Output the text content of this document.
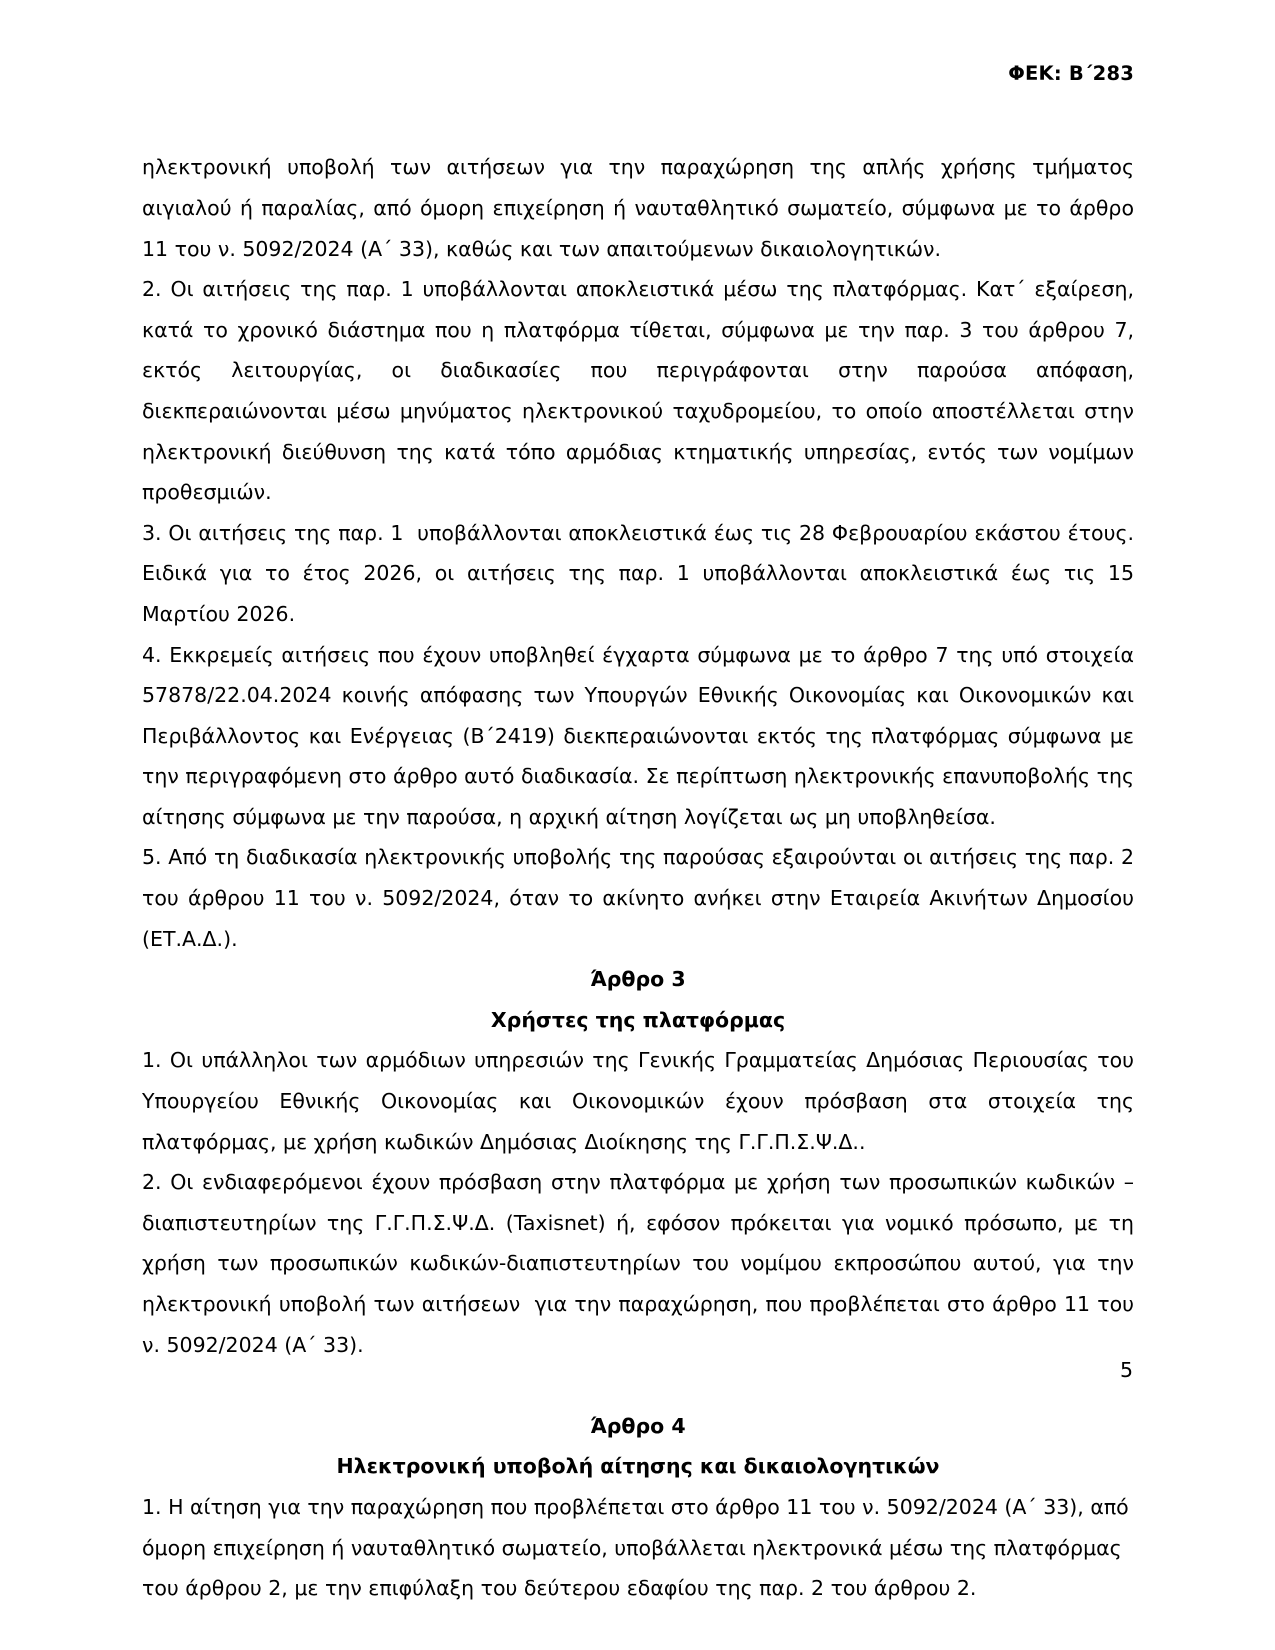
ΦΕΚ: Β΄283

ηλεκτρονική υποβολή των αιτήσεων για την παραχώρηση της απλής χρήσης τμήματος αιγιαλού ή παραλίας, από όμορη επιχείρηση ή ναυταθλητικό σωματείο, σύμφωνα με το άρθρο 11 του ν. 5092/2024 (Α΄ 33), καθώς και των απαιτούμενων δικαιολογητικών.

2. Οι αιτήσεις της παρ. 1 υποβάλλονται αποκλειστικά μέσω της πλατφόρμας. Κατ΄ εξαίρεση, κατά το χρονικό διάστημα που η πλατφόρμα τίθεται, σύμφωνα με την παρ. 3 του άρθρου 7, εκτός λειτουργίας, οι διαδικασίες που περιγράφονται στην παρούσα απόφαση, διεκπεραιώνονται μέσω μηνύματος ηλεκτρονικού ταχυδρομείου, το οποίο αποστέλλεται στην ηλεκτρονική διεύθυνση της κατά τόπο αρμόδιας κτηματικής υπηρεσίας, εντός των νομίμων προθεσμιών.

3. Οι αιτήσεις της παρ. 1  υποβάλλονται αποκλειστικά έως τις 28 Φεβρουαρίου εκάστου έτους. Ειδικά για το έτος 2026, οι αιτήσεις της παρ. 1 υποβάλλονται αποκλειστικά έως τις 15 Μαρτίου 2026.

4. Εκκρεμείς αιτήσεις που έχουν υποβληθεί έγχαρτα σύμφωνα με το άρθρο 7 της υπό στοιχεία 57878/22.04.2024 κοινής απόφασης των Υπουργών Εθνικής Οικονομίας και Οικονομικών και Περιβάλλοντος και Ενέργειας (Β΄2419) διεκπεραιώνονται εκτός της πλατφόρμας σύμφωνα με την περιγραφόμενη στο άρθρο αυτό διαδικασία. Σε περίπτωση ηλεκτρονικής επανυποβολής της αίτησης σύμφωνα με την παρούσα, η αρχική αίτηση λογίζεται ως μη υποβληθείσα.

5. Από τη διαδικασία ηλεκτρονικής υποβολής της παρούσας εξαιρούνται οι αιτήσεις της παρ. 2 του άρθρου 11 του ν. 5092/2024, όταν το ακίνητο ανήκει στην Εταιρεία Ακινήτων Δημοσίου (ΕΤ.Α.Δ.).

Άρθρο 3
Χρήστες της πλατφόρμας

1. Οι υπάλληλοι των αρμόδιων υπηρεσιών της Γενικής Γραμματείας Δημόσιας Περιουσίας του Υπουργείου Εθνικής Οικονομίας και Οικονομικών έχουν πρόσβαση στα στοιχεία της πλατφόρμας, με χρήση κωδικών Δημόσιας Διοίκησης της Γ.Γ.Π.Σ.Ψ.Δ..

2. Οι ενδιαφερόμενοι έχουν πρόσβαση στην πλατφόρμα με χρήση των προσωπικών κωδικών – διαπιστευτηρίων της Γ.Γ.Π.Σ.Ψ.Δ. (Taxisnet) ή, εφόσον πρόκειται για νομικό πρόσωπο, με τη χρήση των προσωπικών κωδικών-διαπιστευτηρίων του νομίμου εκπροσώπου αυτού, για την ηλεκτρονική υποβολή των αιτήσεων  για την παραχώρηση, που προβλέπεται στο άρθρο 11 του ν. 5092/2024 (Α΄ 33).

Άρθρο 4
Ηλεκτρονική υποβολή αίτησης και δικαιολογητικών

1. Η αίτηση για την παραχώρηση που προβλέπεται στο άρθρο 11 του ν. 5092/2024 (Α΄ 33), από όμορη επιχείρηση ή ναυταθλητικό σωματείο, υποβάλλεται ηλεκτρονικά μέσω της πλατφόρμας του άρθρου 2, με την επιφύλαξη του δεύτερου εδαφίου της παρ. 2 του άρθρου 2.

5
